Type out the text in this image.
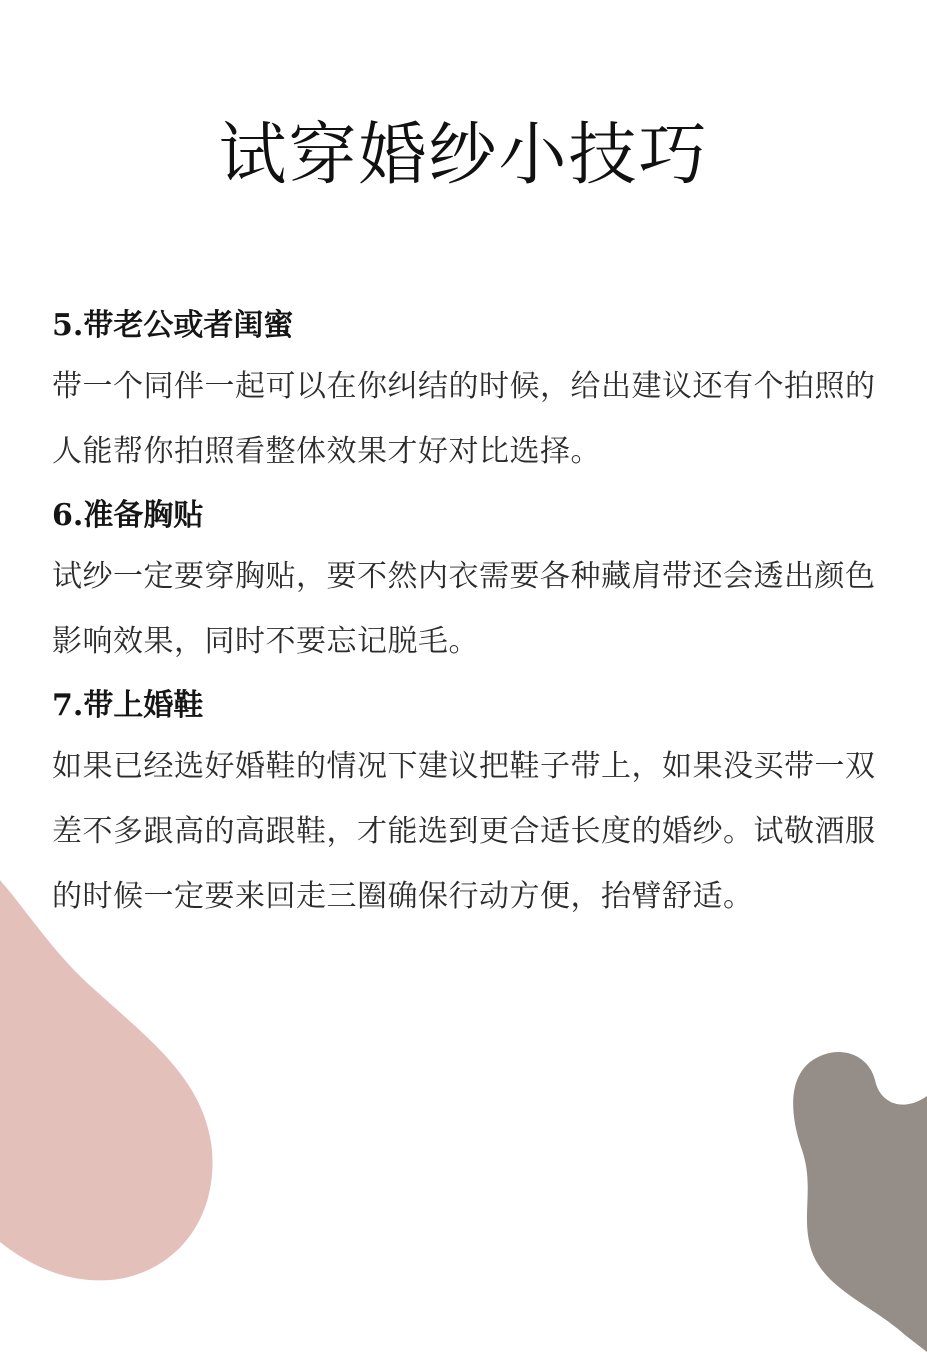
试穿婚纱小技巧
5.带老公或者闺蜜

带一个同伴一起可以在你纠结的时候，给出建议还有个拍照的人能帮你拍照看整体效果才好对比选择。

6.准备胸贴

试纱一定要穿胸贴，要不然内衣需要各种藏肩带还会透出颜色影响效果，同时不要忘记脱毛。

7.带上婚鞋

如果已经选好婚鞋的情况下建议把鞋子带上，如果没买带一双差不多跟高的高跟鞋，才能选到更合适长度的婚纱。试敬酒服的时候一定要来回走三圈确保行动方便，抬臂舒适。
